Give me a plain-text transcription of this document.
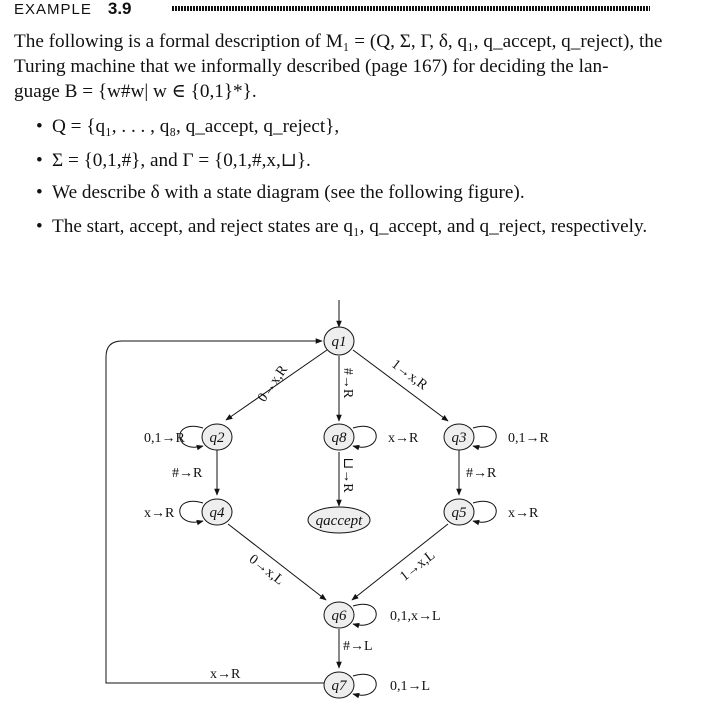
EXAMPLE 3.9
The following is a formal description of M₁ = (Q, Σ, Γ, δ, q₁, q_accept, q_reject), the
Turing machine that we informally described (page 167) for deciding the lan-
guage B = {w#w| w ∈ {0,1}*}.
• Q = {q₁, . . . , q₈, q_accept, q_reject},
• Σ = {0,1,#}, and Γ = {0,1,#,x,⊔}.
• We describe δ with a state diagram (see the following figure).
• The start, accept, and reject states are q₁, q_accept, and q_reject, respectively.
q1
q2	q8	q3
q4	qaccept	q5
q6
q7
0→x,R	1→x,R
#→R
0,1→R
#→R
0,1→R
#→R
x→R	x→R
x→R
⊔→R
0→x,L	1→x,L
0,1,x→L
#→L
0,1→L
x→R
